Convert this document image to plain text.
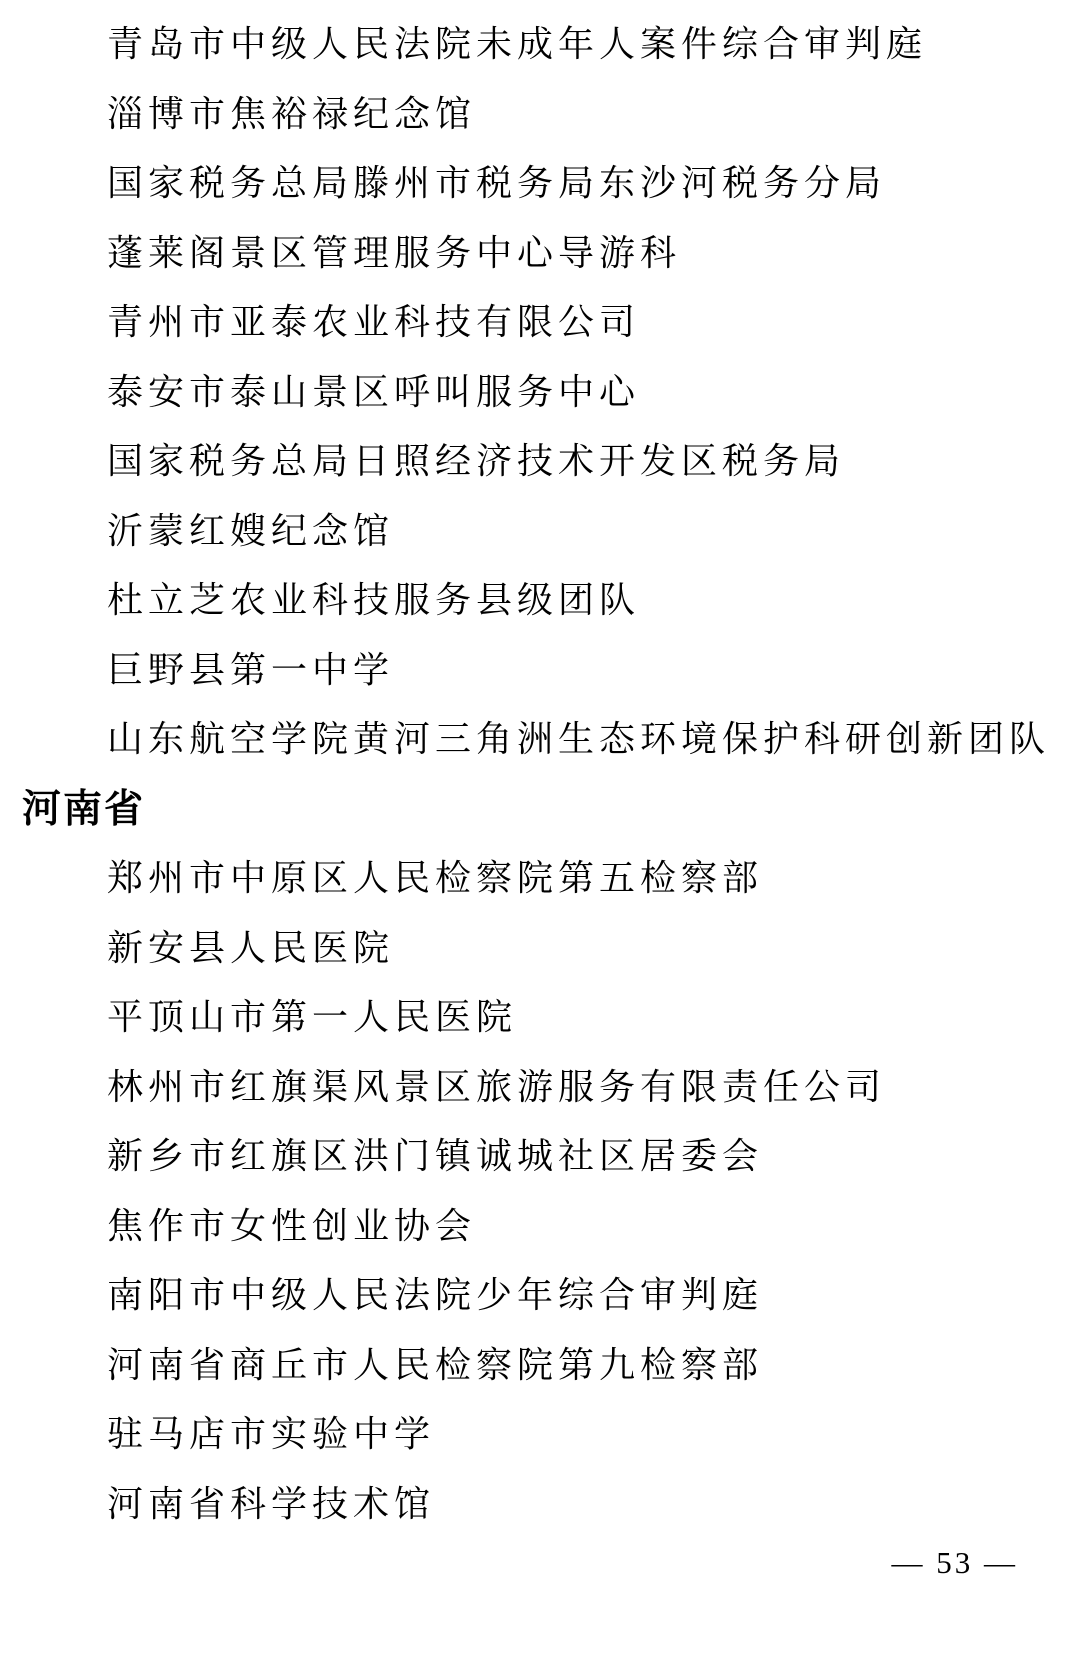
青岛市中级人民法院未成年人案件综合审判庭

淄博市焦裕禄纪念馆

国家税务总局滕州市税务局东沙河税务分局

蓬莱阁景区管理服务中心导游科

青州市亚泰农业科技有限公司

泰安市泰山景区呼叫服务中心

国家税务总局日照经济技术开发区税务局

沂蒙红嫂纪念馆

杜立芝农业科技服务县级团队

巨野县第一中学

山东航空学院黄河三角洲生态环境保护科研创新团队

河南省

郑州市中原区人民检察院第五检察部

新安县人民医院

平顶山市第一人民医院

林州市红旗渠风景区旅游服务有限责任公司

新乡市红旗区洪门镇诚城社区居委会

焦作市女性创业协会

南阳市中级人民法院少年综合审判庭

河南省商丘市人民检察院第九检察部

驻马店市实验中学

河南省科学技术馆

— 53 —
